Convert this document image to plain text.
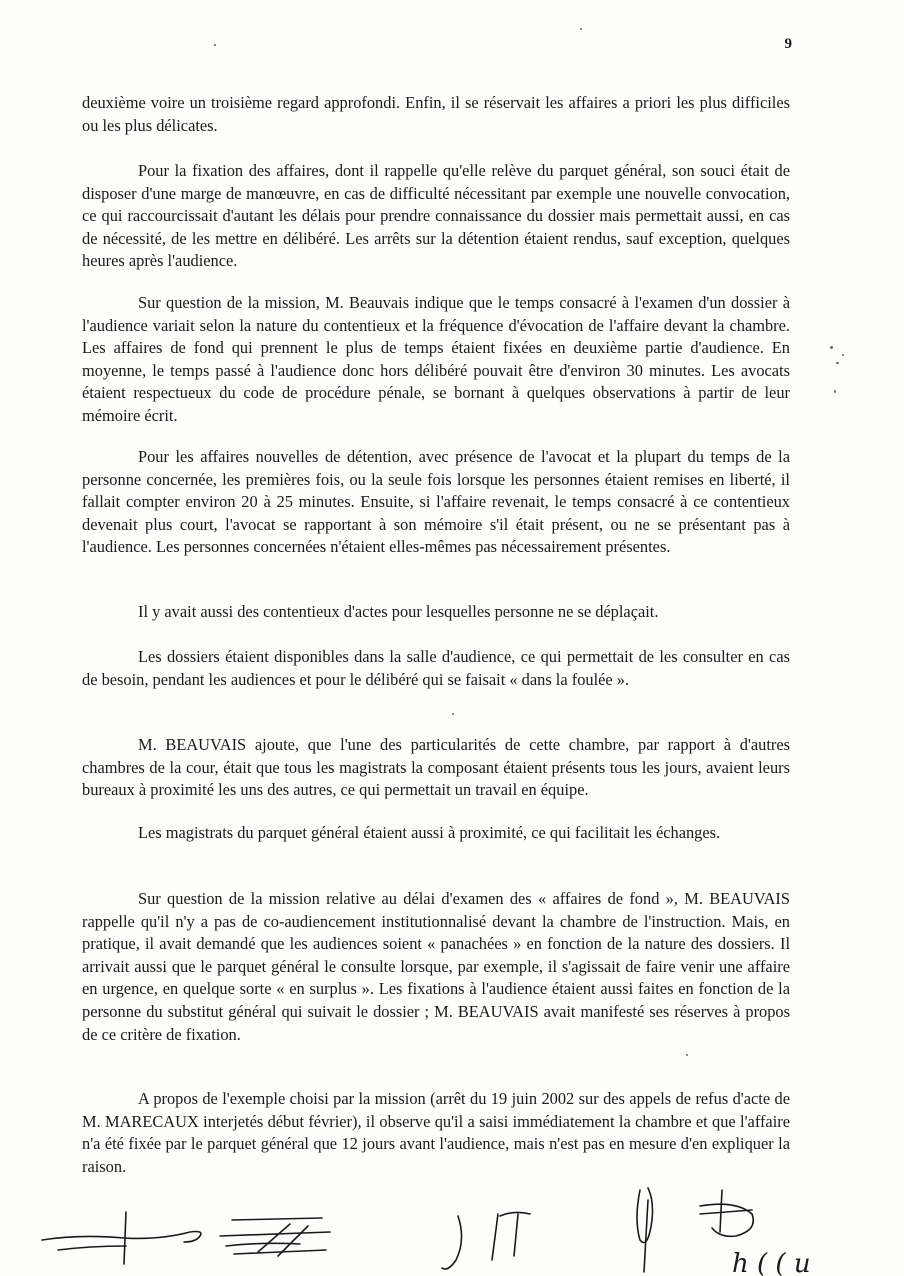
9

deuxième voire un troisième regard approfondi. Enfin, il se réservait les affaires a priori les plus difficiles ou les plus délicates.

Pour la fixation des affaires, dont il rappelle qu'elle relève du parquet général, son souci était de disposer d'une marge de manœuvre, en cas de difficulté nécessitant par exemple une nouvelle convocation, ce qui raccourcissait d'autant les délais pour prendre connaissance du dossier mais permettait aussi, en cas de nécessité, de les mettre en délibéré. Les arrêts sur la détention étaient rendus, sauf exception, quelques heures après l'audience.

Sur question de la mission, M. Beauvais indique que le temps consacré à l'examen d'un dossier à l'audience variait selon la nature du contentieux et la fréquence d'évocation de l'affaire devant la chambre. Les affaires de fond qui prennent le plus de temps étaient fixées en deuxième partie d'audience. En moyenne, le temps passé à l'audience donc hors délibéré pouvait être d'environ 30 minutes. Les avocats étaient respectueux du code de procédure pénale, se bornant à quelques observations à partir de leur mémoire écrit.

Pour les affaires nouvelles de détention, avec présence de l'avocat et la plupart du temps de la personne concernée, les premières fois, ou la seule fois lorsque les personnes étaient remises en liberté, il fallait compter environ 20 à 25 minutes. Ensuite, si l'affaire revenait, le temps consacré à ce contentieux devenait plus court, l'avocat se rapportant à son mémoire s'il était présent, ou ne se présentant pas à l'audience. Les personnes concernées n'étaient elles-mêmes pas nécessairement présentes.

Il y avait aussi des contentieux d'actes pour lesquelles personne ne se déplaçait.

Les dossiers étaient disponibles dans la salle d'audience, ce qui permettait de les consulter en cas de besoin, pendant les audiences et pour le délibéré qui se faisait « dans la foulée ».

M. BEAUVAIS ajoute, que l'une des particularités de cette chambre, par rapport à d'autres chambres de la cour, était que tous les magistrats la composant étaient présents tous les jours, avaient leurs bureaux à proximité les uns des autres, ce qui permettait un travail en équipe.

Les magistrats du parquet général étaient aussi à proximité, ce qui facilitait les échanges.

Sur question de la mission relative au délai d'examen des « affaires de fond », M. BEAUVAIS rappelle qu'il n'y a pas de co-audiencement institutionnalisé devant la chambre de l'instruction. Mais, en pratique, il avait demandé que les audiences soient « panachées » en fonction de la nature des dossiers. Il arrivait aussi que le parquet général le consulte lorsque, par exemple, il s'agissait de faire venir une affaire en urgence, en quelque sorte « en surplus ». Les fixations à l'audience étaient aussi faites en fonction de la personne du substitut général qui suivait le dossier ; M. BEAUVAIS avait manifesté ses réserves à propos de ce critère de fixation.

A propos de l'exemple choisi par la mission (arrêt du 19 juin 2002 sur des appels de refus d'acte de M. MARECAUX interjetés début février), il observe qu'il a saisi immédiatement la chambre et que l'affaire n'a été fixée par le parquet général que 12 jours avant l'audience, mais n'est pas en mesure d'en expliquer la raison.

h ( ( u
